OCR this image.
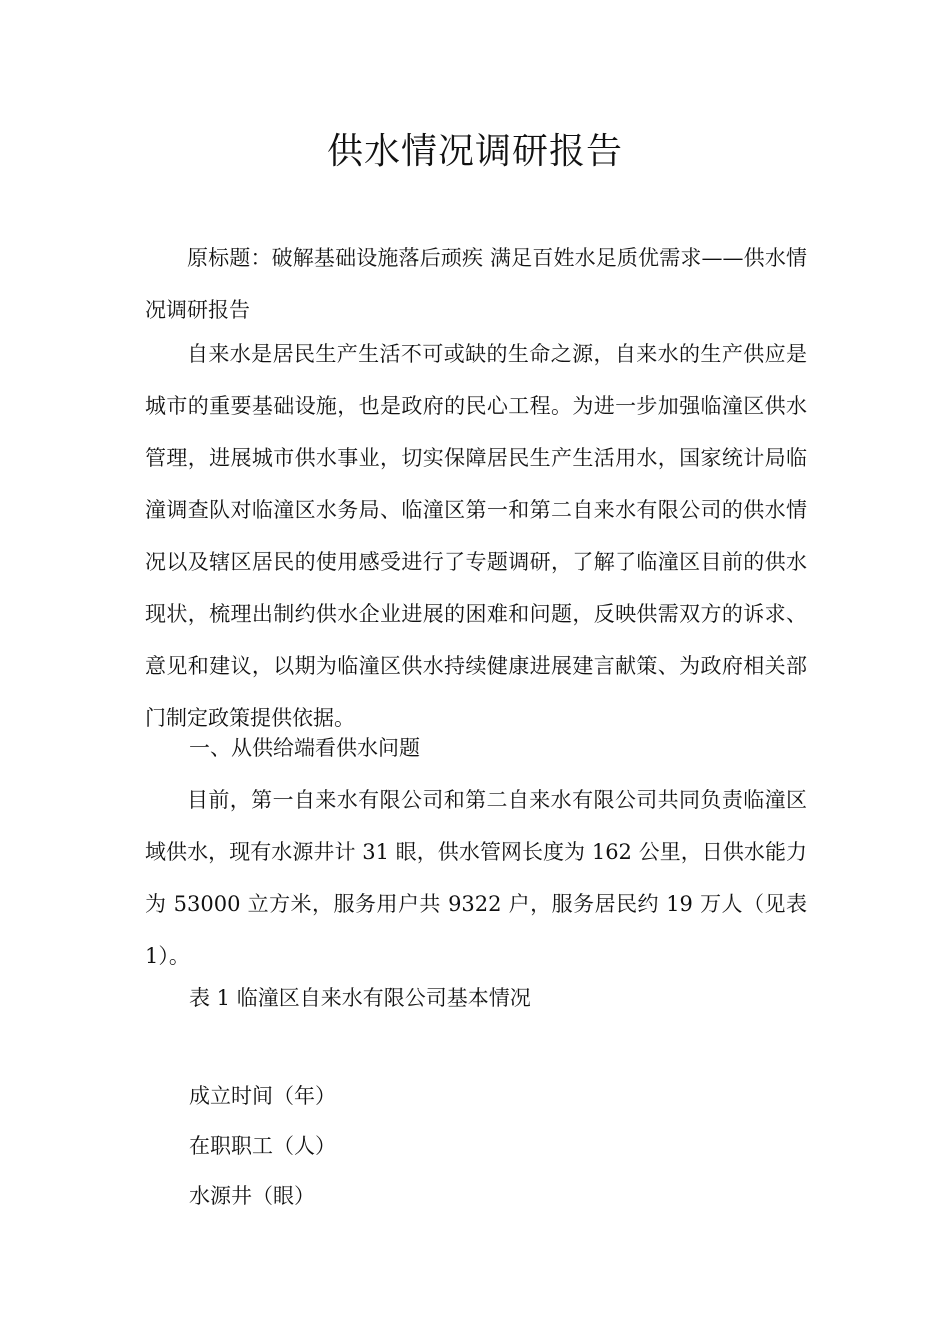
供水情况调研报告

原标题：破解基础设施落后顽疾 满足百姓水足质优需求——供水情况调研报告

自来水是居民生产生活不可或缺的生命之源，自来水的生产供应是城市的重要基础设施，也是政府的民心工程。为进一步加强临潼区供水管理，进展城市供水事业，切实保障居民生产生活用水，国家统计局临潼调查队对临潼区水务局、临潼区第一和第二自来水有限公司的供水情况以及辖区居民的使用感受进行了专题调研，了解了临潼区目前的供水现状，梳理出制约供水企业进展的困难和问题，反映供需双方的诉求、意见和建议，以期为临潼区供水持续健康进展建言献策、为政府相关部门制定政策提供依据。

一、从供给端看供水问题

目前，第一自来水有限公司和第二自来水有限公司共同负责临潼区域供水，现有水源井计 31 眼，供水管网长度为 162 公里，日供水能力为 53000 立方米，服务用户共 9322 户，服务居民约 19 万人（见表 1）。

表 1 临潼区自来水有限公司基本情况

成立时间（年）

在职职工（人）

水源井（眼）
